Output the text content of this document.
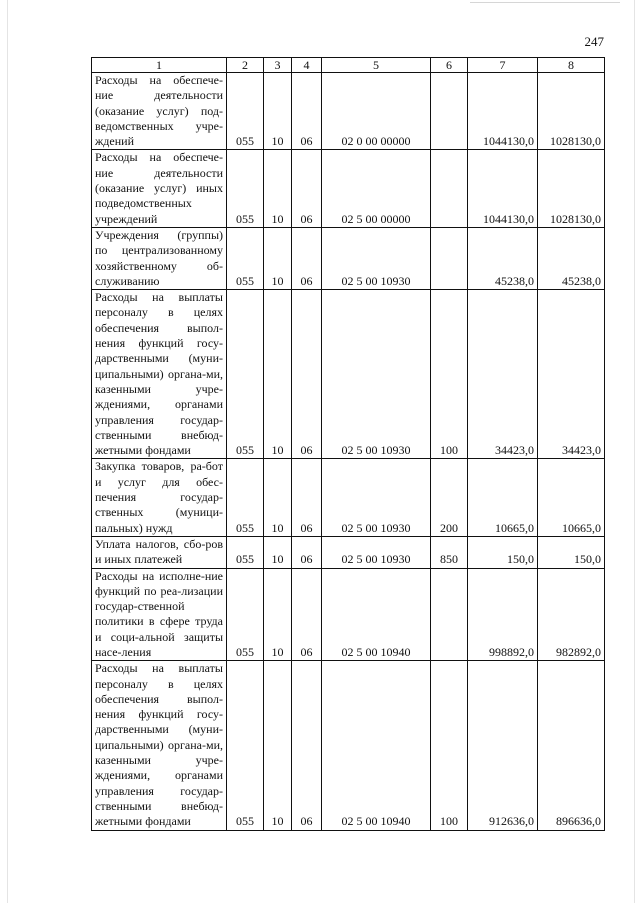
247
1	2	3	4	5	6	7	8
Расходы на обеспече-ние деятельности (оказание услуг) под-ведомственных учре-ждений	055	10	06	02 0 00 00000		1044130,0	1028130,0
Расходы на обеспече-ние деятельности (оказание услуг) иных подведомственных учреждений	055	10	06	02 5 00 00000		1044130,0	1028130,0
Учреждения (группы) по централизованному хозяйственному об-служиванию	055	10	06	02 5 00 10930		45238,0	45238,0
Расходы на выплаты персоналу в целях обеспечения выпол-нения функций госу-дарственными (муни-ципальными) органа-ми, казенными учре-ждениями, органами управления государ-ственными внебюд-жетными фондами	055	10	06	02 5 00 10930	100	34423,0	34423,0
Закупка товаров, ра-бот и услуг для обес-печения государ-ственных (муници-пальных) нужд	055	10	06	02 5 00 10930	200	10665,0	10665,0
Уплата налогов, сбо-ров и иных платежей	055	10	06	02 5 00 10930	850	150,0	150,0
Расходы на исполне-ние функций по реа-лизации государ-ственной политики в сфере труда и соци-альной защиты насе-ления	055	10	06	02 5 00 10940		998892,0	982892,0
Расходы на выплаты персоналу в целях обеспечения выпол-нения функций госу-дарственными (муни-ципальными) органа-ми, казенными учре-ждениями, органами управления государ-ственными внебюд-жетными фондами	055	10	06	02 5 00 10940	100	912636,0	896636,0
